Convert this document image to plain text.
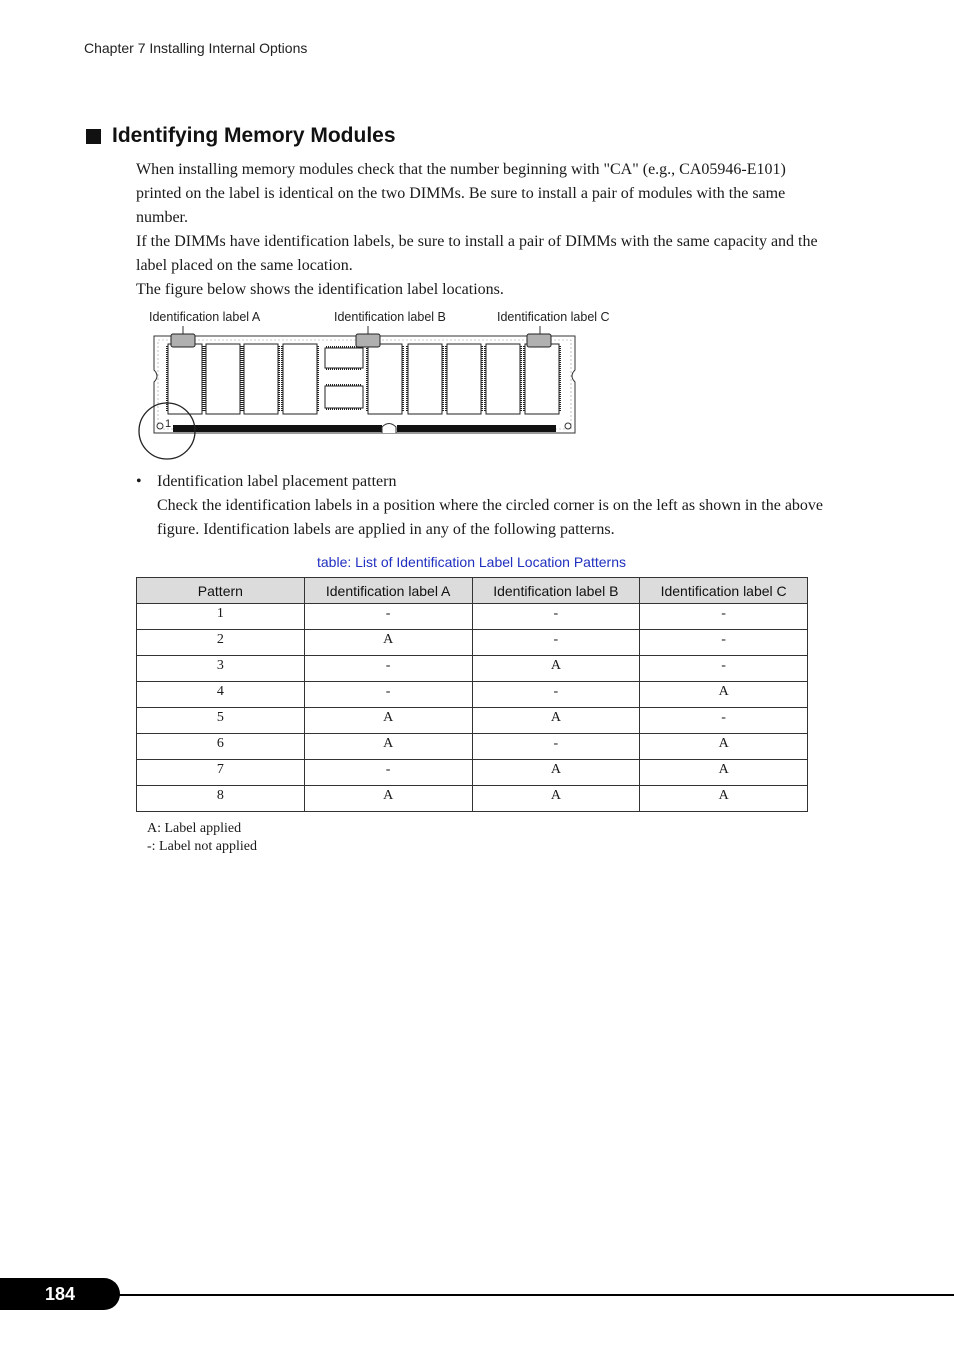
Chapter 7 Installing Internal Options
Identifying Memory Modules

When installing memory modules check that the number beginning with "CA" (e.g., CA05946-E101) printed on the label is identical on the two DIMMs. Be sure to install a pair of modules with the same number.

If the DIMMs have identification labels, be sure to install a pair of DIMMs with the same capacity and the label placed on the same location.

The figure below shows the identification label locations.

Identification label A	Identification label B	Identification label C
1
• Identification label placement pattern
Check the identification labels in a position where the circled corner is on the left as shown in the above figure. Identification labels are applied in any of the following patterns.
table: List of Identification Label Location Patterns
Pattern	Identification label A	Identification label B	Identification label C
1	-	-	-
2	A	-	-
3	-	A	-
4	-	-	A
5	A	A	-
6	A	-	A
7	-	A	A
8	A	A	A
A: Label applied
-: Label not applied
184
